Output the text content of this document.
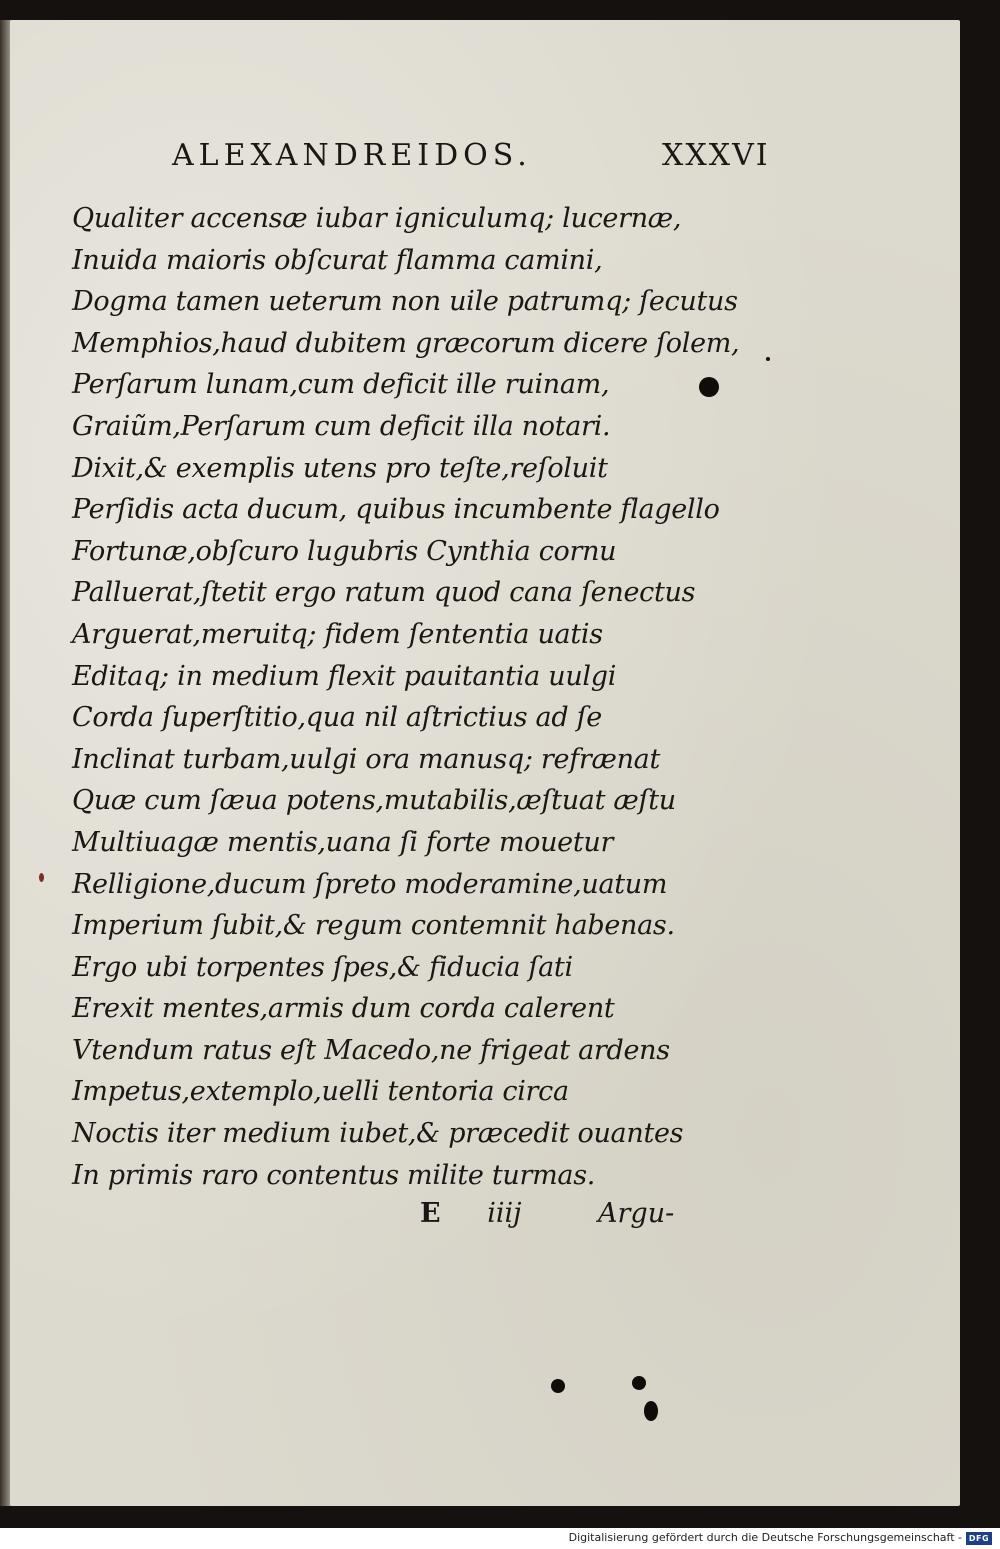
ALEXANDREIDOS.	XXXVI
Qualiter accensæ iubar igniculumq; lucernæ,
Inuida maioris obſcurat flamma camini,
Dogma tamen ueterum non uile patrumq; ſecutus
Memphios,haud dubitem græcorum dicere ſolem,
Perſarum lunam,cum deficit ille ruinam,
Graiũm,Perſarum cum deficit illa notari.
Dixit,& exemplis utens pro teſte,reſoluit
Perſidis acta ducum, quibus incumbente flagello
Fortunæ,obſcuro lugubris Cynthia cornu
Palluerat,ſtetit ergo ratum quod cana ſenectus
Arguerat,meruitq; fidem ſententia uatis
Editaq; in medium flexit pauitantia uulgi
Corda ſuperſtitio,qua nil aſtrictius ad ſe
Inclinat turbam,uulgi ora manusq; refrænat
Quæ cum ſæua potens,mutabilis,æſtuat æſtu
Multiuagæ mentis,uana ſi forte mouetur
Relligione,ducum ſpreto moderamine,uatum
Imperium ſubit,& regum contemnit habenas.
Ergo ubi torpentes ſpes,& fiducia ſati
Erexit mentes,armis dum corda calerent
Vtendum ratus eſt Macedo,ne frigeat ardens
Impetus,extemplo,uelli tentoria circa
Noctis iter medium iubet,& præcedit ouantes
In primis raro contentus milite turmas.
E iiij	Argu-
Digitalisierung gefördert durch die Deutsche Forschungsgemeinschaft - DFG
